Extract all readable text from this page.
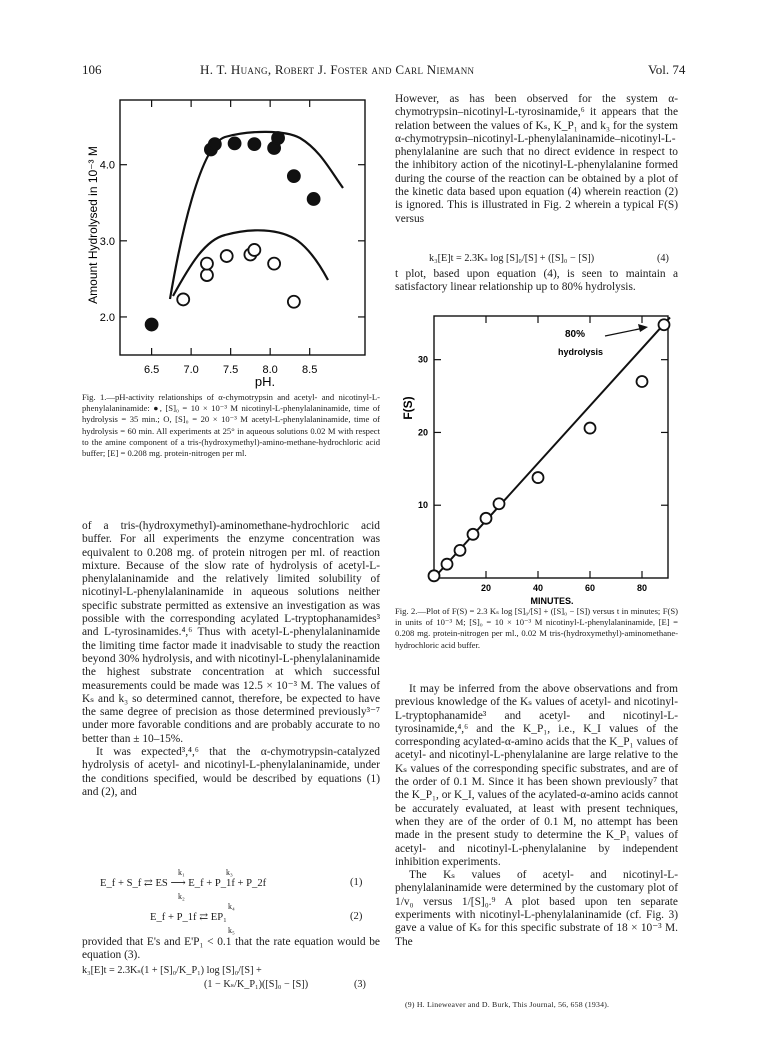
106	H. T. Huang, Robert J. Foster and Carl Niemann	Vol. 74
Amount Hydrolysed in 10⁻³ M
pH.
6.5 7.0 7.5 8.0 8.5
2.0
3.0
4.0
Fig. 1.—pH-activity relationships of α-chymotrypsin and acetyl- and nicotinyl-L-phenylalaninamide: ●, [S]₀ = 10 × 10⁻³ M nicotinyl-L-phenylalaninamide, time of hydrolysis = 35 min.; O, [S]₀ = 20 × 10⁻³ M acetyl-L-phenylalaninamide, time of hydrolysis = 60 min. All experiments at 25° in aqueous solutions 0.02 M with respect to the amine component of a tris-(hydroxymethyl)-amino-methane-hydrochloric acid buffer; [E] = 0.208 mg. protein-nitrogen per ml.

of a tris-(hydroxymethyl)-aminomethane-hydrochloric acid buffer. For all experiments the enzyme concentration was equivalent to 0.208 mg. of protein nitrogen per ml. of reaction mixture. Because of the slow rate of hydrolysis of acetyl-L-phenylalaninamide and the relatively limited solubility of nicotinyl-L-phenylalaninamide in aqueous solutions neither specific substrate permitted as extensive an investigation as was possible with the corresponding acylated L-tryptophanamides³ and L-tyrosinamides.⁴,⁶ Thus with acetyl-L-phenylalaninamide the limiting time factor made it inadvisable to study the reaction beyond 30% hydrolysis, and with nicotinyl-L-phenylalaninamide the highest substrate concentration at which successful measurements could be made was 12.5 × 10⁻³ M. The values of Kₛ and k₃ so determined cannot, therefore, be expected to have the same degree of precision as those determined previously³⁻⁷ under more favorable conditions and are probably accurate to no better than ± 10–15%.

It was expected³,⁴,⁶ that the α-chymotrypsin-catalyzed hydrolysis of acetyl- and nicotinyl-L-phenylalaninamide, under the conditions specified, would be described by equations (1) and (2), and

k₁	k₃
E_f + S_f ⇄ ES ⟶ E_f + P_1f + P_2f
k₂
(1)
k₄
E_f + P_1f ⇄ EP₁
k₅
(2)

provided that E's and E'P₁ < 0.1 that the rate equation would be equation (3).

k₃[E]t = 2.3Kₛ(1 + [S]₀/K_P₁) log [S]₀/[S] +
(1 − Kₛ/K_P₁)([S]₀ − [S])	(3)

However, as has been observed for the system α-chymotrypsin–nicotinyl-L-tyrosinamide,⁶ it appears that the relation between the values of Kₛ, K_P₁ and k₃ for the system α-chymotrypsin–nicotinyl-L-phenylalaninamide–nicotinyl-L-phenylalanine are such that no direct evidence in respect to the inhibitory action of the nicotinyl-L-phenylalanine formed during the course of the reaction can be obtained by a plot of the kinetic data based upon equation (4) wherein reaction (2) is ignored. This is illustrated in Fig. 2 wherein a typical F(S) versus

k₃[E]t = 2.3Kₛ log [S]₀/[S] + ([S]₀ − [S])	(4)

t plot, based upon equation (4), is seen to maintain a satisfactory linear relationship up to 80% hydrolysis.

F(S)
MINUTES.
80%
hydrolysis
20	40	60	80
10
20
30
Fig. 2.—Plot of F(S) = 2.3 Kₛ log [S]₀/[S] + ([S]₀ − [S]) versus t in minutes; F(S) in units of 10⁻³ M; [S]₀ = 10 × 10⁻³ M nicotinyl-L-phenylalaninamide, [E] = 0.208 mg. protein-nitrogen per ml., 0.02 M tris-(hydroxymethyl)-aminomethane-hydrochloric acid buffer.

It may be inferred from the above observations and from previous knowledge of the Kₛ values of acetyl- and nicotinyl-L-tryptophanamide³ and acetyl- and nicotinyl-L-tyrosinamide,⁴,⁶ and the K_P₁, i.e., K_I values of the corresponding acylated-α-amino acids that the K_P₁ values of acetyl- and nicotinyl-L-phenylalanine are large relative to the Kₛ values of the corresponding specific substrates, and are of the order of 0.1 M. Since it has been shown previously⁷ that the K_P₁, or K_I, values of the acylated-α-amino acids cannot be accurately evaluated, at least with present techniques, when they are of the order of 0.1 M, no attempt has been made in the present study to determine the K_P₁ values of acetyl- and nicotinyl-L-phenylalanine by independent inhibition experiments.

The Kₛ values of acetyl- and nicotinyl-L-phenylalaninamide were determined by the customary plot of 1/v₀ versus 1/[S]₀.⁹ A plot based upon ten separate experiments with nicotinyl-L-phenylalaninamide (cf. Fig. 3) gave a value of Kₛ for this specific substrate of 18 × 10⁻³ M. The

(9) H. Lineweaver and D. Burk, This Journal, 56, 658 (1934).
